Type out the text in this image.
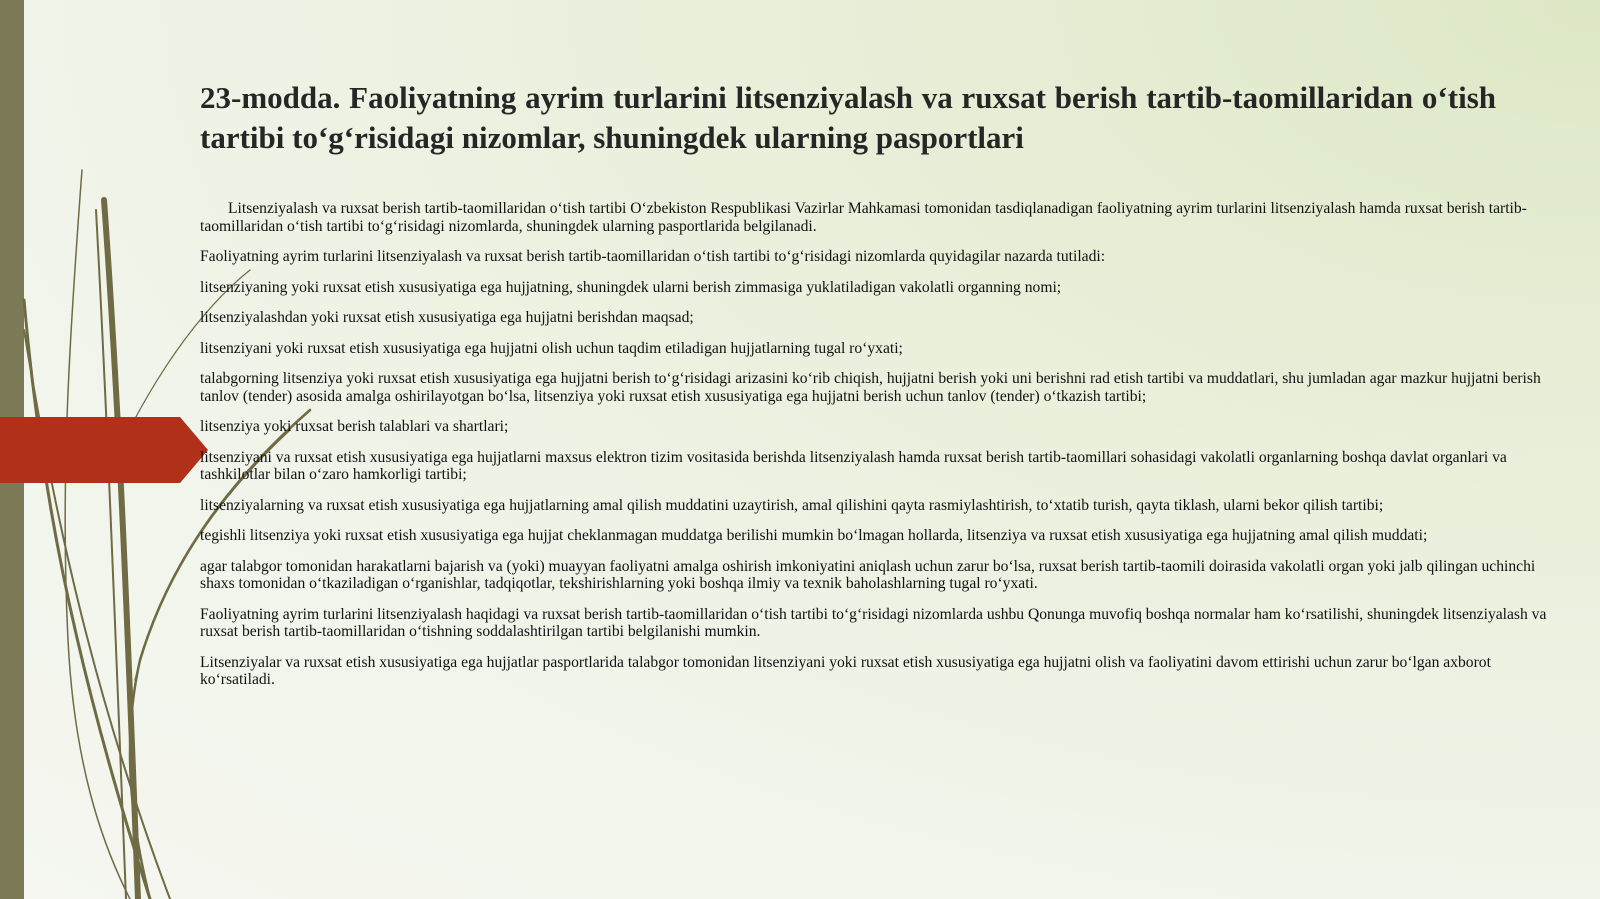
23-modda. Faoliyatning ayrim turlarini litsenziyalash va ruxsat berish tartib-taomillaridan o‘tish tartibi to‘g‘risidagi nizomlar, shuningdek ularning pasportlari

Litsenziyalash va ruxsat berish tartib-taomillaridan o‘tish tartibi O‘zbekiston Respublikasi Vazirlar Mahkamasi tomonidan tasdiqlanadigan faoliyatning ayrim turlarini litsenziyalash hamda ruxsat berish tartib-taomillaridan o‘tish tartibi to‘g‘risidagi nizomlarda, shuningdek ularning pasportlarida belgilanadi.

Faoliyatning ayrim turlarini litsenziyalash va ruxsat berish tartib-taomillaridan o‘tish tartibi to‘g‘risidagi nizomlarda quyidagilar nazarda tutiladi:

litsenziyaning yoki ruxsat etish xususiyatiga ega hujjatning, shuningdek ularni berish zimmasiga yuklatiladigan vakolatli organning nomi;

litsenziyalashdan yoki ruxsat etish xususiyatiga ega hujjatni berishdan maqsad;

litsenziyani yoki ruxsat etish xususiyatiga ega hujjatni olish uchun taqdim etiladigan hujjatlarning tugal ro‘yxati;

talabgorning litsenziya yoki ruxsat etish xususiyatiga ega hujjatni berish to‘g‘risidagi arizasini ko‘rib chiqish, hujjatni berish yoki uni berishni rad etish tartibi va muddatlari, shu jumladan agar mazkur hujjatni berish tanlov (tender) asosida amalga oshirilayotgan bo‘lsa, litsenziya yoki ruxsat etish xususiyatiga ega hujjatni berish uchun tanlov (tender) o‘tkazish tartibi;

litsenziya yoki ruxsat berish talablari va shartlari;

litsenziyani va ruxsat etish xususiyatiga ega hujjatlarni maxsus elektron tizim vositasida berishda litsenziyalash hamda ruxsat berish tartib-taomillari sohasidagi vakolatli organlarning boshqa davlat organlari va tashkilotlar bilan o‘zaro hamkorligi tartibi;

litsenziyalarning va ruxsat etish xususiyatiga ega hujjatlarning amal qilish muddatini uzaytirish, amal qilishini qayta rasmiylashtirish, to‘xtatib turish, qayta tiklash, ularni bekor qilish tartibi;

tegishli litsenziya yoki ruxsat etish xususiyatiga ega hujjat cheklanmagan muddatga berilishi mumkin bo‘lmagan hollarda, litsenziya va ruxsat etish xususiyatiga ega hujjatning amal qilish muddati;

agar talabgor tomonidan harakatlarni bajarish va (yoki) muayyan faoliyatni amalga oshirish imkoniyatini aniqlash uchun zarur bo‘lsa, ruxsat berish tartib-taomili doirasida vakolatli organ yoki jalb qilingan uchinchi shaxs tomonidan o‘tkaziladigan o‘rganishlar, tadqiqotlar, tekshirishlarning yoki boshqa ilmiy va texnik baholashlarning tugal ro‘yxati.

Faoliyatning ayrim turlarini litsenziyalash haqidagi va ruxsat berish tartib-taomillaridan o‘tish tartibi to‘g‘risidagi nizomlarda ushbu Qonunga muvofiq boshqa normalar ham ko‘rsatilishi, shuningdek litsenziyalash va ruxsat berish tartib-taomillaridan o‘tishning soddalashtirilgan tartibi belgilanishi mumkin.

Litsenziyalar va ruxsat etish xususiyatiga ega hujjatlar pasportlarida talabgor tomonidan litsenziyani yoki ruxsat etish xususiyatiga ega hujjatni olish va faoliyatini davom ettirishi uchun zarur bo‘lgan axborot ko‘rsatiladi.
